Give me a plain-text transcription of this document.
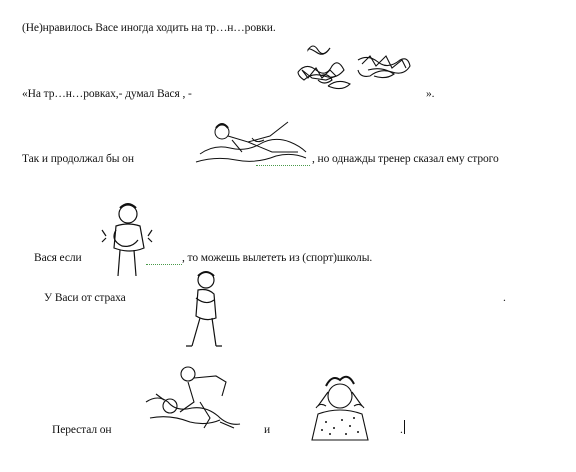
(Не)нравилось Васе иногда ходить на тр…н…ровки.
«На тр…н…ровках,- думал Вася , -	».
Так и продолжал бы он	, но однажды тренер сказал ему строго
Вася если	, то можешь вылететь из (спорт)школы.
У Васи от страха	.
Перестал он	и	.
